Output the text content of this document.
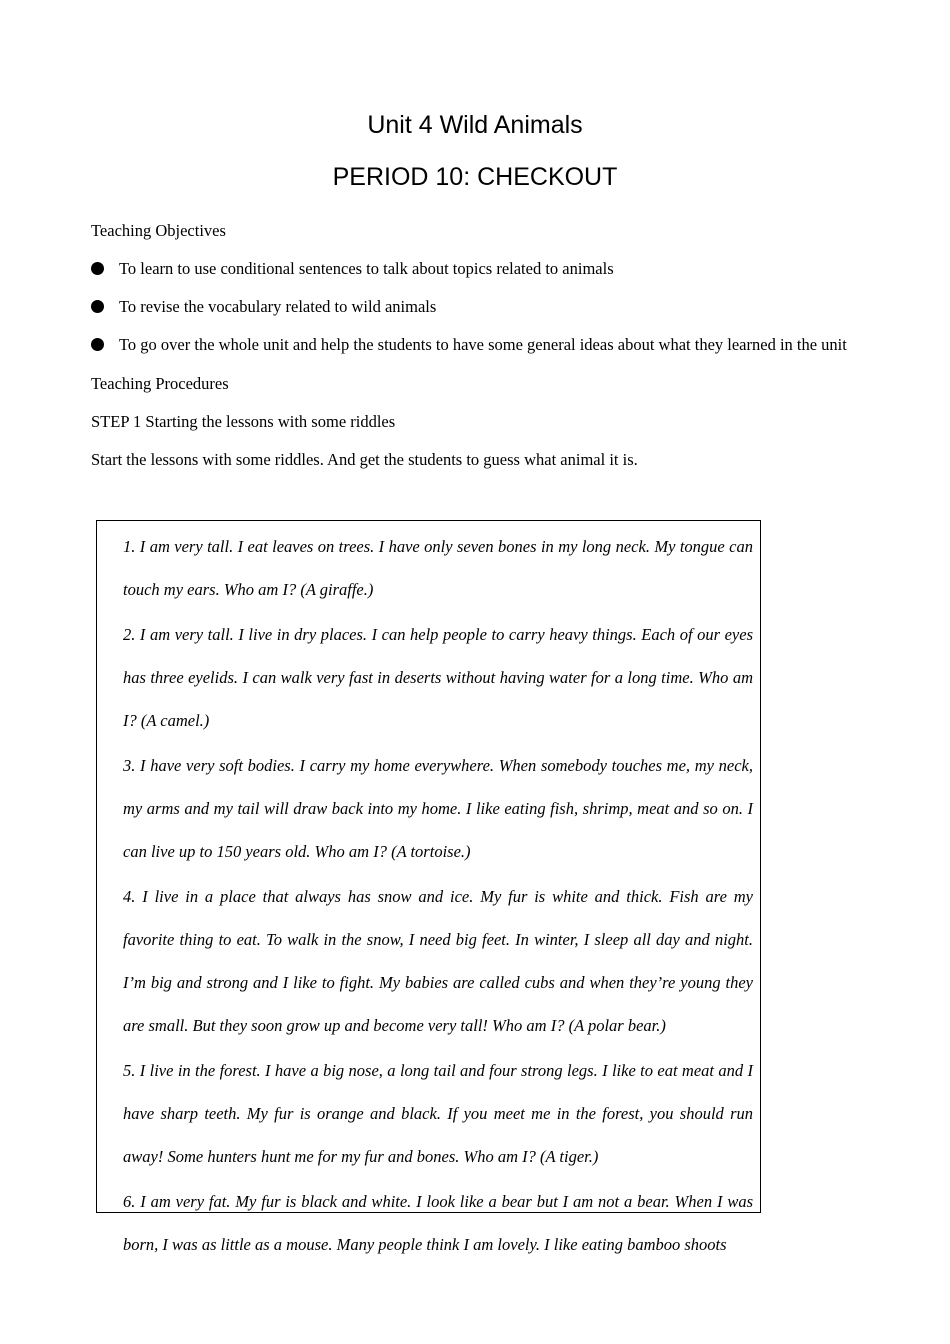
Unit 4 Wild Animals
PERIOD 10: CHECKOUT
Teaching Objectives
To learn to use conditional sentences to talk about topics related to animals
To revise the vocabulary related to wild animals
To go over the whole unit and help the students to have some general ideas about what they learned in the unit
Teaching Procedures
STEP 1 Starting the lessons with some riddles
Start the lessons with some riddles. And get the students to guess what animal it is.

1. I am very tall. I eat leaves on trees. I have only seven bones in my long neck. My tongue can touch my ears. Who am I? (A giraffe.)

2. I am very tall. I live in dry places. I can help people to carry heavy things. Each of our eyes has three eyelids. I can walk very fast in deserts without having water for a long time. Who am I? (A camel.)

3. I have very soft bodies. I carry my home everywhere. When somebody touches me, my neck, my arms and my tail will draw back into my home. I like eating fish, shrimp, meat and so on. I can live up to 150 years old. Who am I? (A tortoise.)

4. I live in a place that always has snow and ice. My fur is white and thick. Fish are my favorite thing to eat. To walk in the snow, I need big feet. In winter, I sleep all day and night. I’m big and strong and I like to fight. My babies are called cubs and when they’re young they are small. But they soon grow up and become very tall! Who am I? (A polar bear.)

5. I live in the forest. I have a big nose, a long tail and four strong legs. I like to eat meat and I have sharp teeth. My fur is orange and black. If you meet me in the forest, you should run away! Some hunters hunt me for my fur and bones. Who am I? (A tiger.)

6. I am very fat. My fur is black and white. I look like a bear but I am not a bear. When I was born, I was as little as a mouse. Many people think I am lovely. I like eating bamboo shoots
